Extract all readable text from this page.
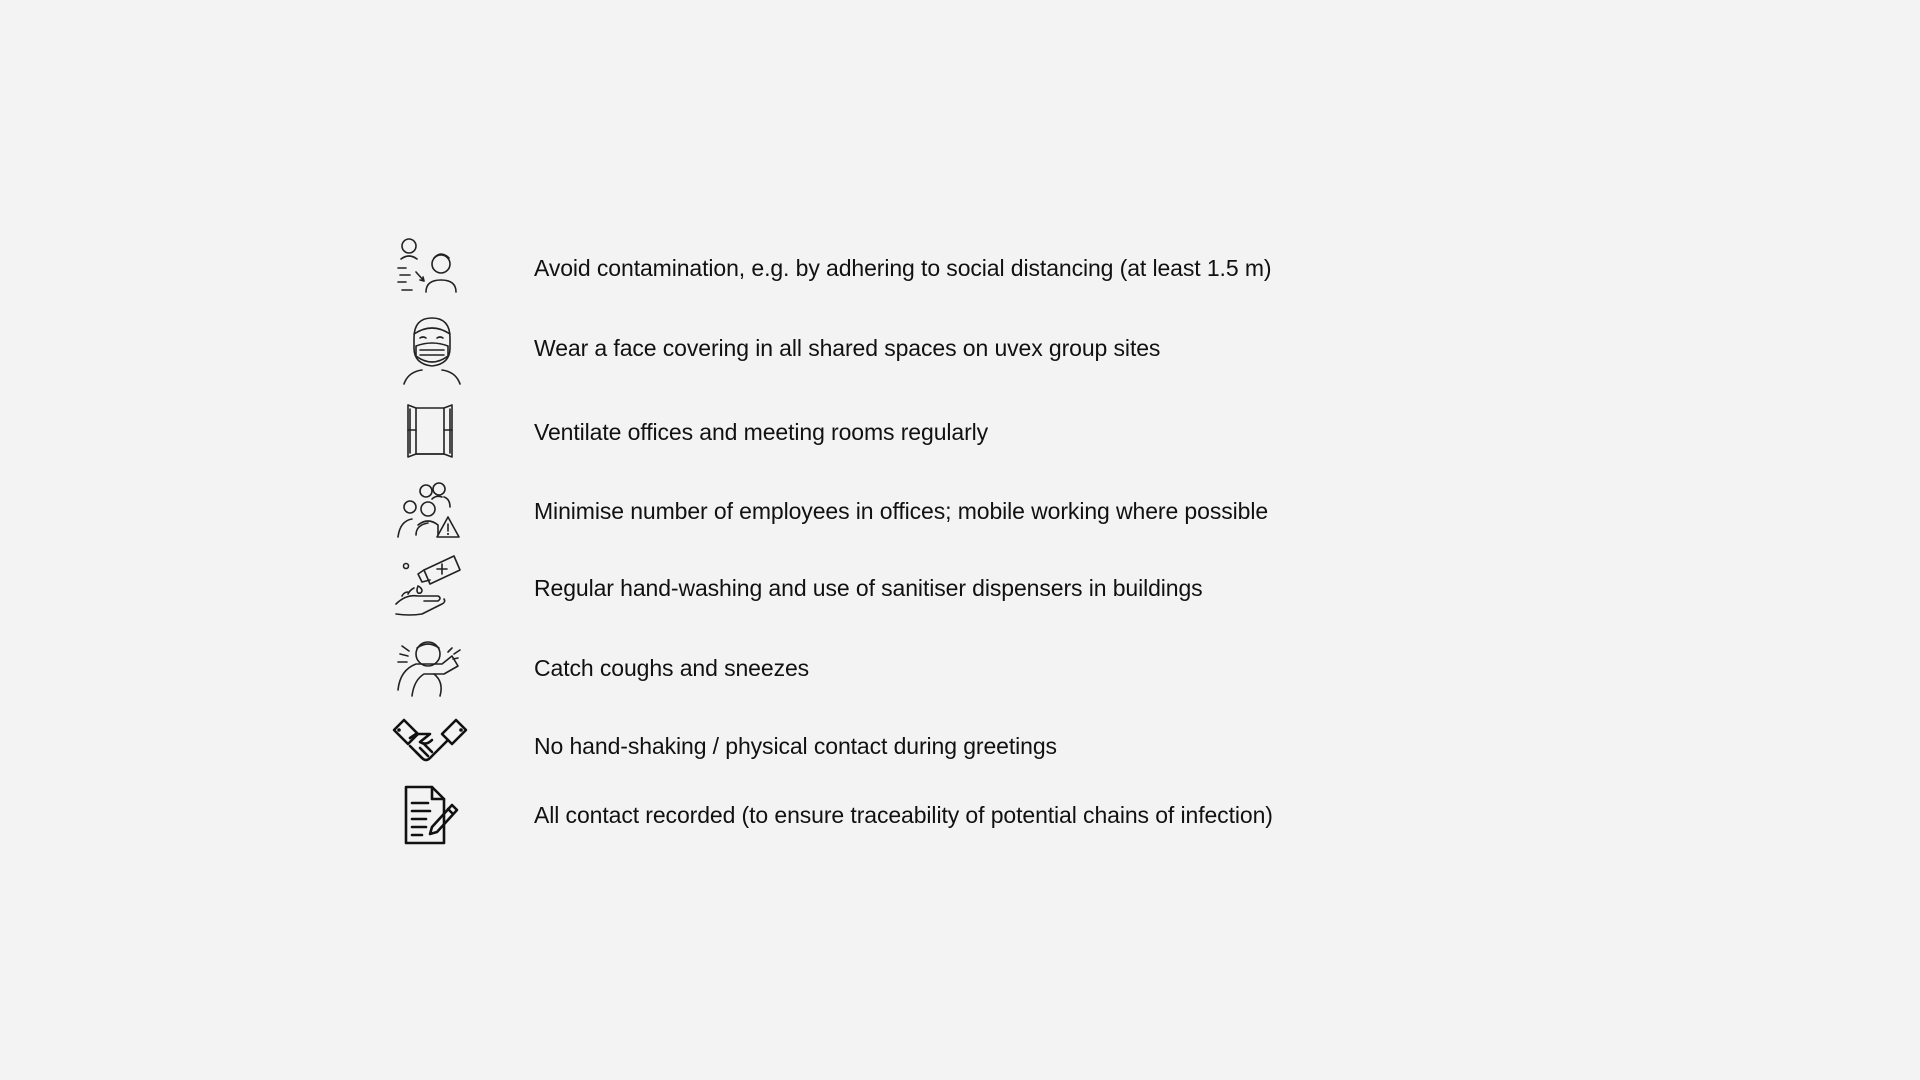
Avoid contamination, e.g. by adhering to social distancing (at least 1.5 m)
Wear a face covering in all shared spaces on uvex group sites
Ventilate offices and meeting rooms regularly
Minimise number of employees in offices; mobile working where possible
Regular hand-washing and use of sanitiser dispensers in buildings
Catch coughs and sneezes
No hand-shaking / physical contact during greetings
All contact recorded (to ensure traceability of potential chains of infection)
